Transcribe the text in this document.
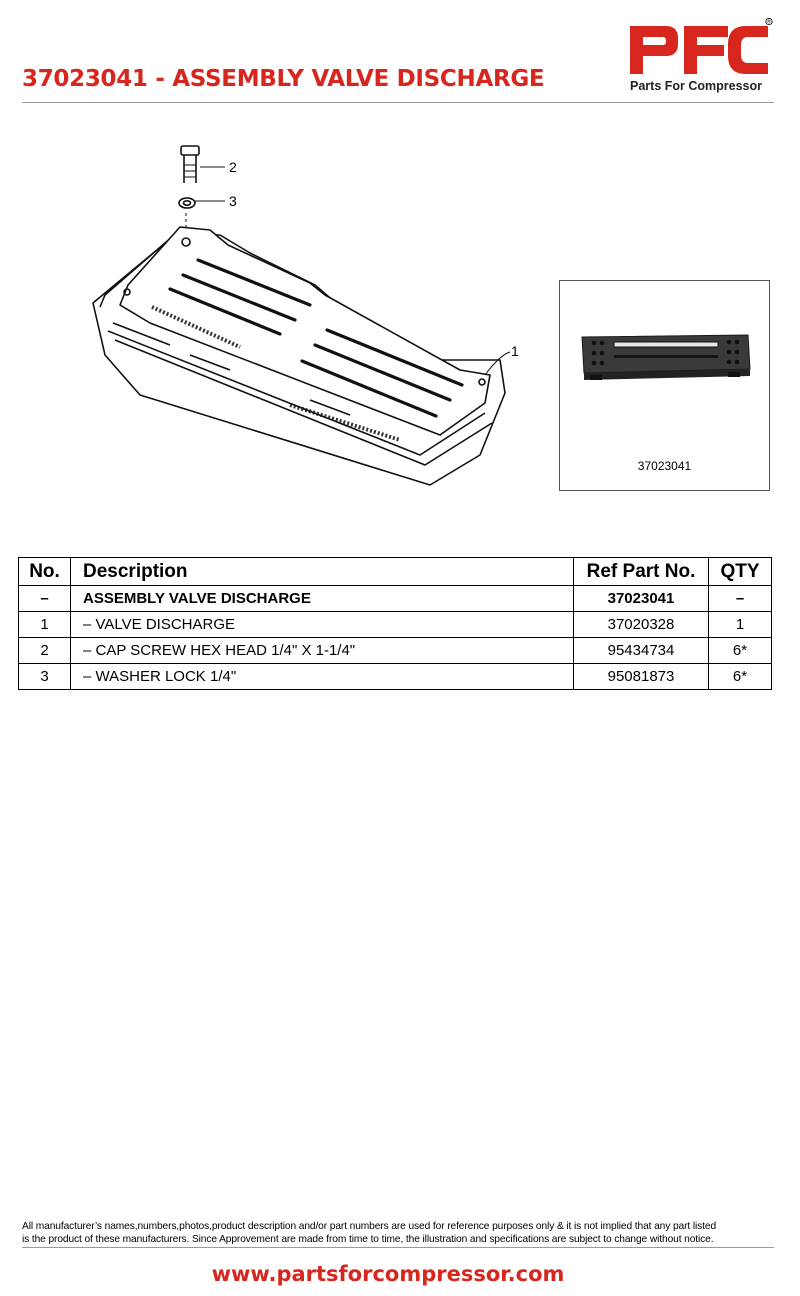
37023041 - ASSEMBLY VALVE DISCHARGE
®
Parts For Compressor
2
3
1
37023041
No.	Description	Ref Part No.	QTY
–	ASSEMBLY VALVE DISCHARGE	37023041	–
1	– VALVE DISCHARGE	37020328	1
2	– CAP SCREW HEX HEAD 1/4" X 1-1/4"	95434734	6*
3	– WASHER LOCK 1/4"	95081873	6*
All manufacturer’s names,numbers,photos,product description and/or part numbers are used for reference purposes only & it is not implied that any part listed
is the product of these manufacturers. Since Approvement are made from time to time, the illustration and specifications are subject to change without notice.
www.partsforcompressor.com
